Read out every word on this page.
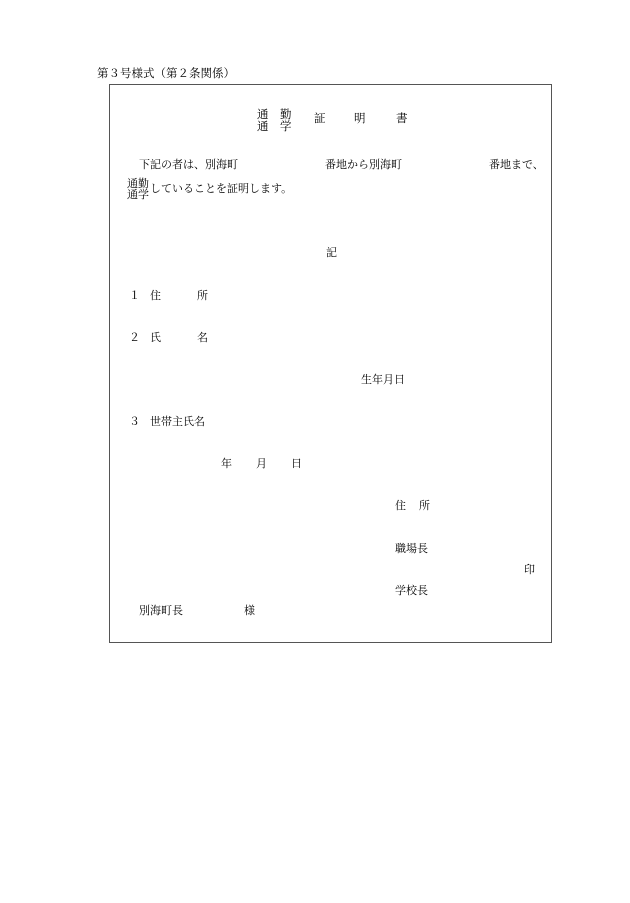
第３号様式（第２条関係）
通　勤
通　学
証 明	書
下記の者は、別海町	番地から別海町	番地まで、
通勤
通学 していることを証明します。
記
１ 住	所
２ 氏	名
生年月日
３ 世帯主氏名
年 月 日
住 所
職場長
印
学校長
別海町長	様
